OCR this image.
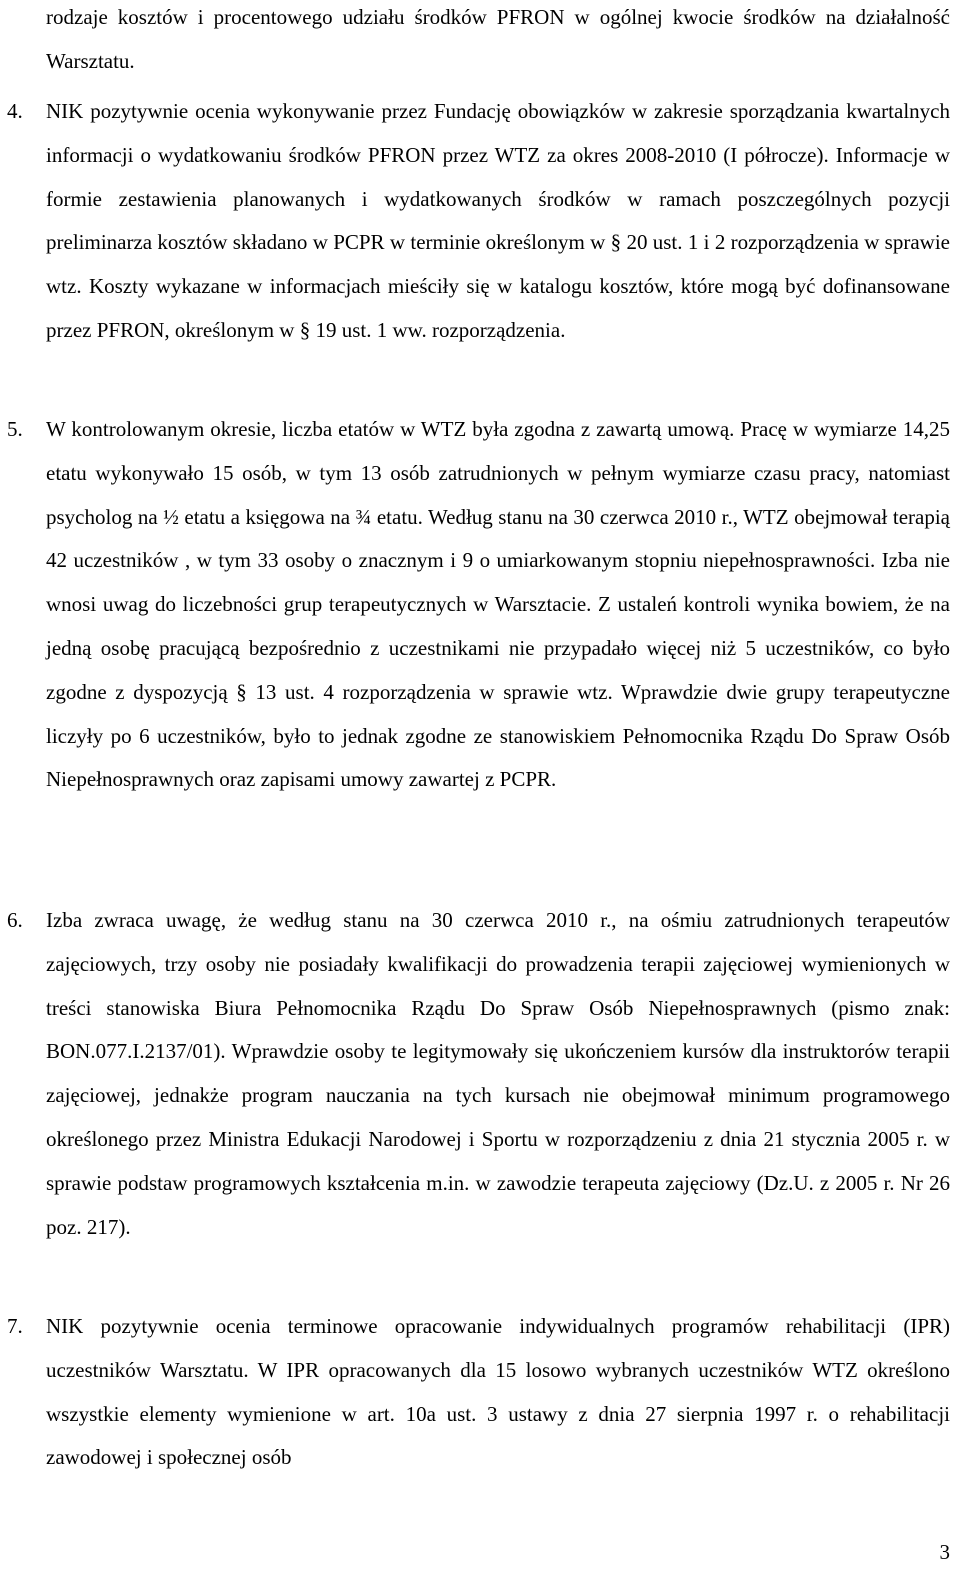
rodzaje kosztów i procentowego udziału środków PFRON w ogólnej kwocie środków na działalność Warsztatu.

4.	NIK pozytywnie ocenia wykonywanie przez Fundację obowiązków w zakresie sporządzania kwartalnych informacji o wydatkowaniu środków PFRON przez WTZ za okres 2008-2010 (I półrocze). Informacje w formie zestawienia planowanych i wydatkowanych środków w ramach poszczególnych pozycji preliminarza kosztów składano w PCPR w terminie określonym w § 20 ust. 1 i 2 rozporządzenia w sprawie wtz. Koszty wykazane w informacjach mieściły się w katalogu kosztów, które mogą być dofinansowane przez PFRON, określonym w § 19 ust. 1 ww. rozporządzenia.

5.	W kontrolowanym okresie, liczba etatów w WTZ była zgodna z zawartą umową. Pracę w wymiarze 14,25 etatu wykonywało 15 osób, w tym 13 osób zatrudnionych w pełnym wymiarze czasu pracy, natomiast psycholog na ½ etatu a księgowa na ¾ etatu. Według stanu na 30 czerwca 2010 r., WTZ obejmował terapią 42 uczestników , w tym 33 osoby o znacznym i 9 o umiarkowanym stopniu niepełnosprawności. Izba nie wnosi uwag do liczebności grup terapeutycznych w Warsztacie. Z ustaleń kontroli wynika bowiem, że na jedną osobę pracującą bezpośrednio z uczestnikami nie przypadało więcej niż 5 uczestników, co było zgodne z dyspozycją § 13 ust. 4 rozporządzenia w sprawie wtz. Wprawdzie dwie grupy terapeutyczne liczyły po 6 uczestników, było to jednak zgodne ze stanowiskiem Pełnomocnika Rządu Do Spraw Osób Niepełnosprawnych oraz zapisami umowy zawartej z PCPR.

6.	Izba zwraca uwagę, że według stanu na 30 czerwca 2010 r., na ośmiu zatrudnionych terapeutów zajęciowych, trzy osoby nie posiadały kwalifikacji do prowadzenia terapii zajęciowej wymienionych w treści stanowiska Biura Pełnomocnika Rządu Do Spraw Osób Niepełnosprawnych (pismo znak: BON.077.I.2137/01). Wprawdzie osoby te legitymowały się ukończeniem kursów dla instruktorów terapii zajęciowej, jednakże program nauczania na tych kursach nie obejmował minimum programowego określonego przez Ministra Edukacji Narodowej i Sportu w rozporządzeniu z dnia 21 stycznia 2005 r. w sprawie podstaw programowych kształcenia m.in. w zawodzie terapeuta zajęciowy (Dz.U. z 2005 r. Nr 26 poz. 217).

7.	NIK pozytywnie ocenia terminowe opracowanie indywidualnych programów rehabilitacji (IPR) uczestników Warsztatu. W IPR opracowanych dla 15 losowo wybranych uczestników WTZ określono wszystkie elementy wymienione w art. 10a ust. 3 ustawy z dnia 27 sierpnia 1997 r. o rehabilitacji zawodowej i społecznej osób

3
